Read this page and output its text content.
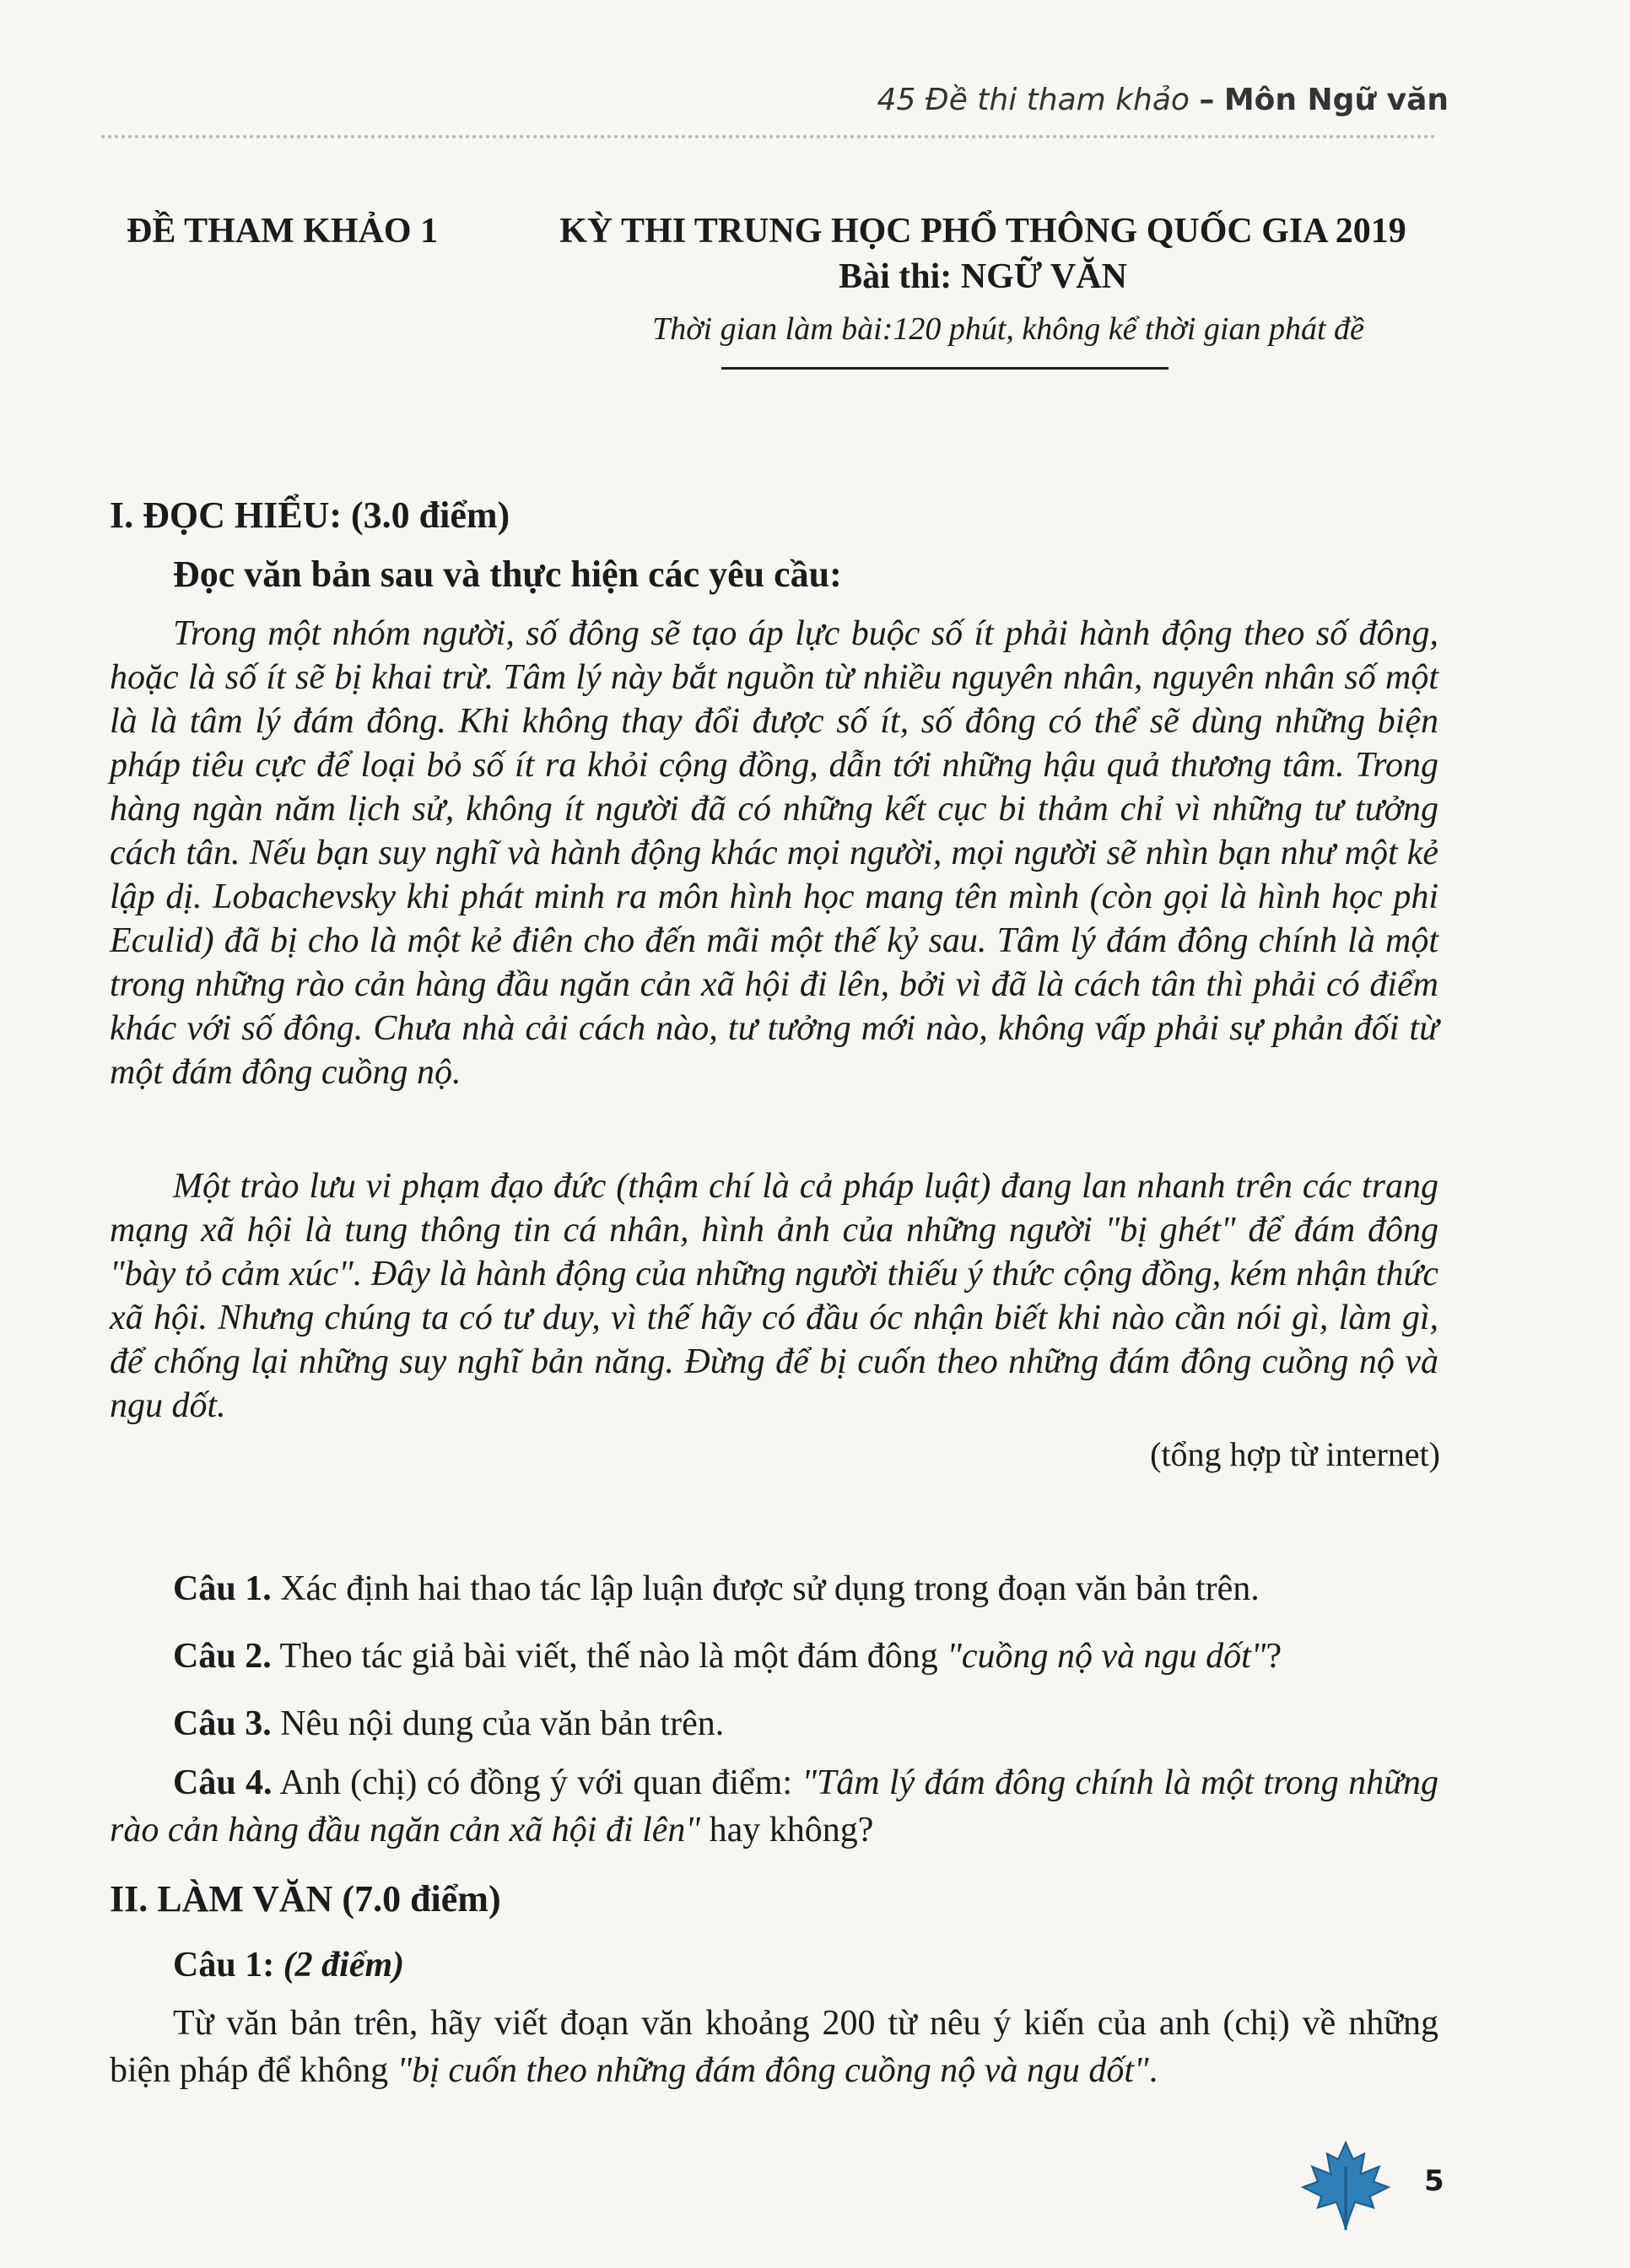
45 Đề thi tham khảo – Môn Ngữ văn
ĐỀ THAM KHẢO 1	KỲ THI TRUNG HỌC PHỔ THÔNG QUỐC GIA 2019

Bài thi: NGỮ VĂN

Thời gian làm bài:120 phút, không kể thời gian phát đề

I. ĐỌC HIỂU: (3.0 điểm)

Đọc văn bản sau và thực hiện các yêu cầu:

Trong một nhóm người, số đông sẽ tạo áp lực buộc số ít phải hành động theo số đông, hoặc là số ít sẽ bị khai trừ. Tâm lý này bắt nguồn từ nhiều nguyên nhân, nguyên nhân số một là là tâm lý đám đông. Khi không thay đổi được số ít, số đông có thể sẽ dùng những biện pháp tiêu cực để loại bỏ số ít ra khỏi cộng đồng, dẫn tới những hậu quả thương tâm. Trong hàng ngàn năm lịch sử, không ít người đã có những kết cục bi thảm chỉ vì những tư tưởng cách tân. Nếu bạn suy nghĩ và hành động khác mọi người, mọi người sẽ nhìn bạn như một kẻ lập dị. Lobachevsky khi phát minh ra môn hình học mang tên mình (còn gọi là hình học phi Eculid) đã bị cho là một kẻ điên cho đến mãi một thế kỷ sau. Tâm lý đám đông chính là một trong những rào cản hàng đầu ngăn cản xã hội đi lên, bởi vì đã là cách tân thì phải có điểm khác với số đông. Chưa nhà cải cách nào, tư tưởng mới nào, không vấp phải sự phản đối từ một đám đông cuồng nộ.

Một trào lưu vi phạm đạo đức (thậm chí là cả pháp luật) đang lan nhanh trên các trang mạng xã hội là tung thông tin cá nhân, hình ảnh của những người "bị ghét" để đám đông "bày tỏ cảm xúc". Đây là hành động của những người thiếu ý thức cộng đồng, kém nhận thức xã hội. Nhưng chúng ta có tư duy, vì thế hãy có đầu óc nhận biết khi nào cần nói gì, làm gì, để chống lại những suy nghĩ bản năng. Đừng để bị cuốn theo những đám đông cuồng nộ và ngu dốt.

(tổng hợp từ internet)

Câu 1. Xác định hai thao tác lập luận được sử dụng trong đoạn văn bản trên.

Câu 2. Theo tác giả bài viết, thế nào là một đám đông "cuồng nộ và ngu dốt"?

Câu 3. Nêu nội dung của văn bản trên.

Câu 4. Anh (chị) có đồng ý với quan điểm: "Tâm lý đám đông chính là một trong những rào cản hàng đầu ngăn cản xã hội đi lên" hay không?

II. LÀM VĂN (7.0 điểm)

Câu 1: (2 điểm)

Từ văn bản trên, hãy viết đoạn văn khoảng 200 từ nêu ý kiến của anh (chị) về những biện pháp để không "bị cuốn theo những đám đông cuồng nộ và ngu dốt".

5
